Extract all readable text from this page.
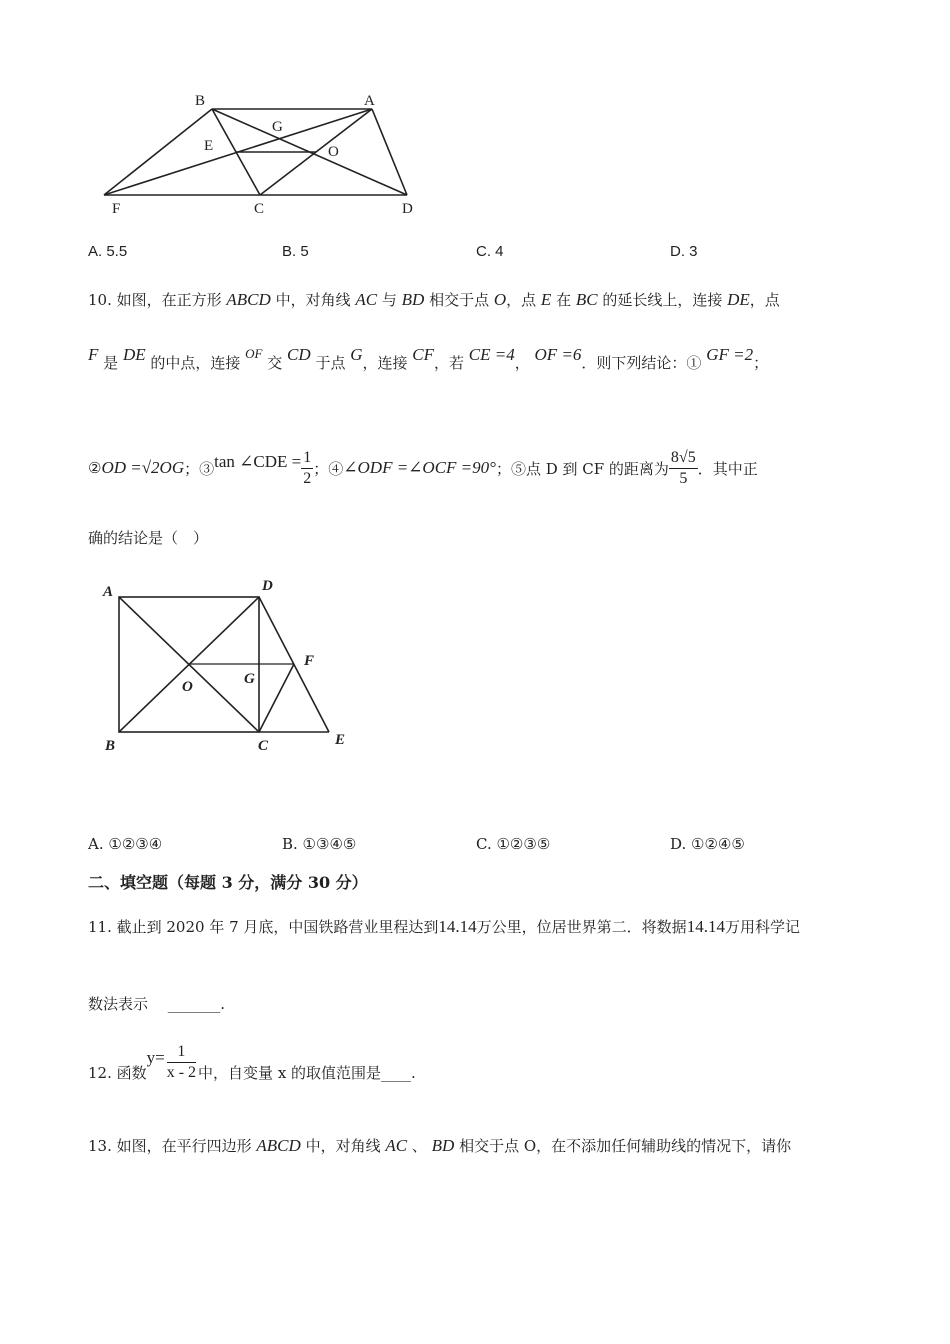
B	A
G
E	O
F	C	D
A. 5.5	B. 5	C. 4	D. 3
10. 如图，在正方形 ABCD 中，对角线 AC 与 BD 相交于点 O，点 E 在 BC 的延长线上，连接 DE，点
F 是 DE 的中点，连接 OF 交 CD 于点 G，连接 CF，若 CE =4， OF =6．则下列结论：① GF =2；
② OD =√2OG ；③ tan ∠CDE = $\frac{1}{2}$ ；④ ∠ODF =∠OCF =90° ；⑤点 D 到 CF 的距离为 $\frac{8√5}{5}$ ．其中正
确的结论是（　）
A	D
F
O	G
B	C	E
A. ①②③④	B. ①③④⑤	C. ①②③⑤	D. ①②④⑤
二、填空题（每题 3 分，满分 30 分）
11. 截止到 2020 年 7 月底，中国铁路营业里程达到14.14万公里，位居世界第二．将数据14.14万用科学记
数法表示　 _______.
12. 函数
$y= \frac{1}{x - 2}$ 中，自变量 x 的取值范围是____.
13. 如图，在平行四边形 ABCD 中，对角线 AC 、 BD 相交于点 O，在不添加任何辅助线的情况下，请你
